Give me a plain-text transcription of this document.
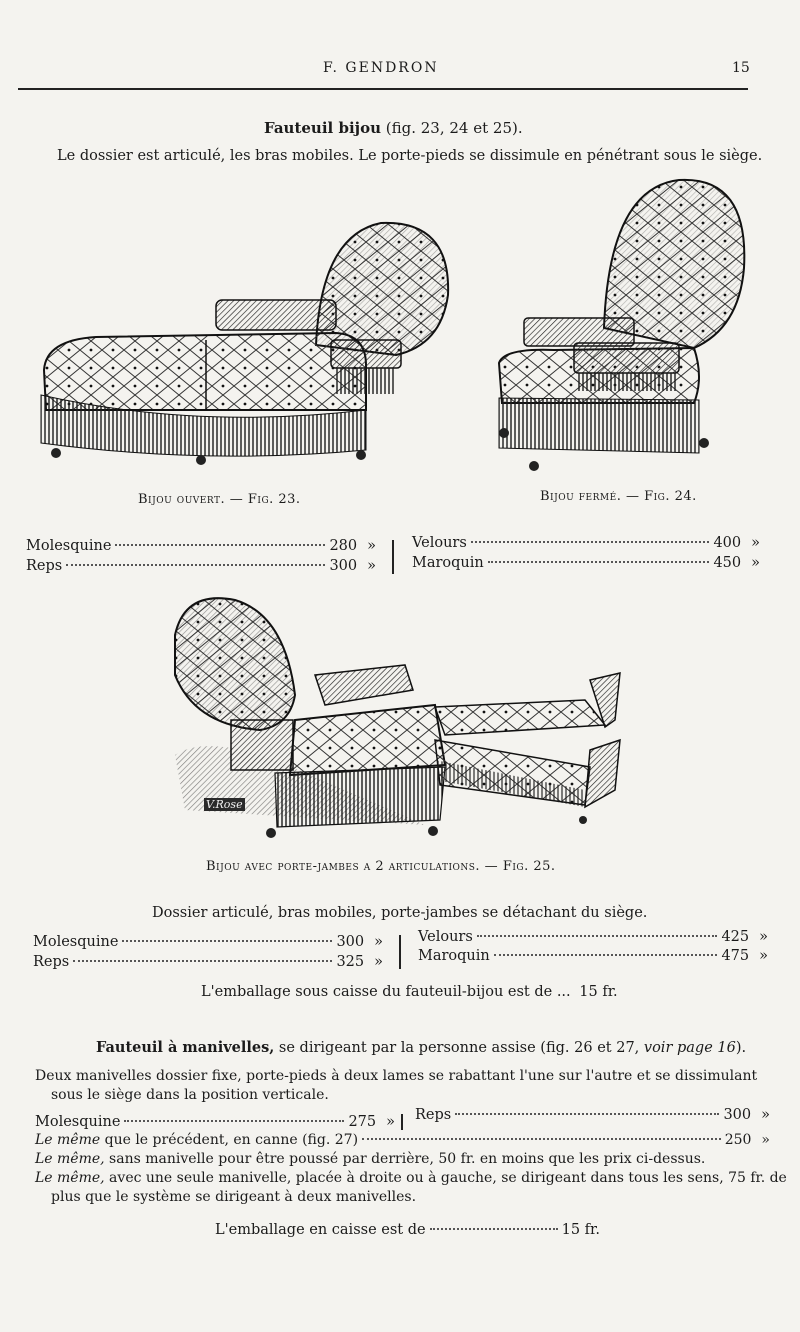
F. GENDRON	15
Fauteuil bijou (fig. 23, 24 et 25).
Le dossier est articulé, les bras mobiles. Le porte-pieds se dissimule en pénétrant sous le siège.
Bijou ouvert. — Fig. 23.	Bijou fermé. — Fig. 24.
Molesquine	280 »
Reps	300 »
Velours	400 »
Maroquin	450 »
V.Rose
Bijou avec porte-jambes a 2 articulations. — Fig. 25.
Dossier articulé, bras mobiles, porte-jambes se détachant du siège.
Molesquine	300 »
Reps	325 »
Velours	425 »
Maroquin	475 »
L'emballage sous caisse du fauteuil-bijou est de ... 15 fr.
Fauteuil à manivelles, se dirigeant par la personne assise (fig. 26 et 27, voir page 16).
Deux manivelles dossier fixe, porte-pieds à deux lames se rabattant l'une sur l'autre et se dissimulant
sous le siège dans la position verticale.
Molesquine	275 » Reps	300 »
Le même que le précédent, en canne (fig. 27)	250 »
Le même, sans manivelle pour être poussé par derrière, 50 fr. en moins que les prix ci-dessus.
Le même, avec une seule manivelle, placée à droite ou à gauche, se dirigeant dans tous les sens, 75 fr. de
plus que le système se dirigeant à deux manivelles.
L'emballage en caisse est de	15 fr.
